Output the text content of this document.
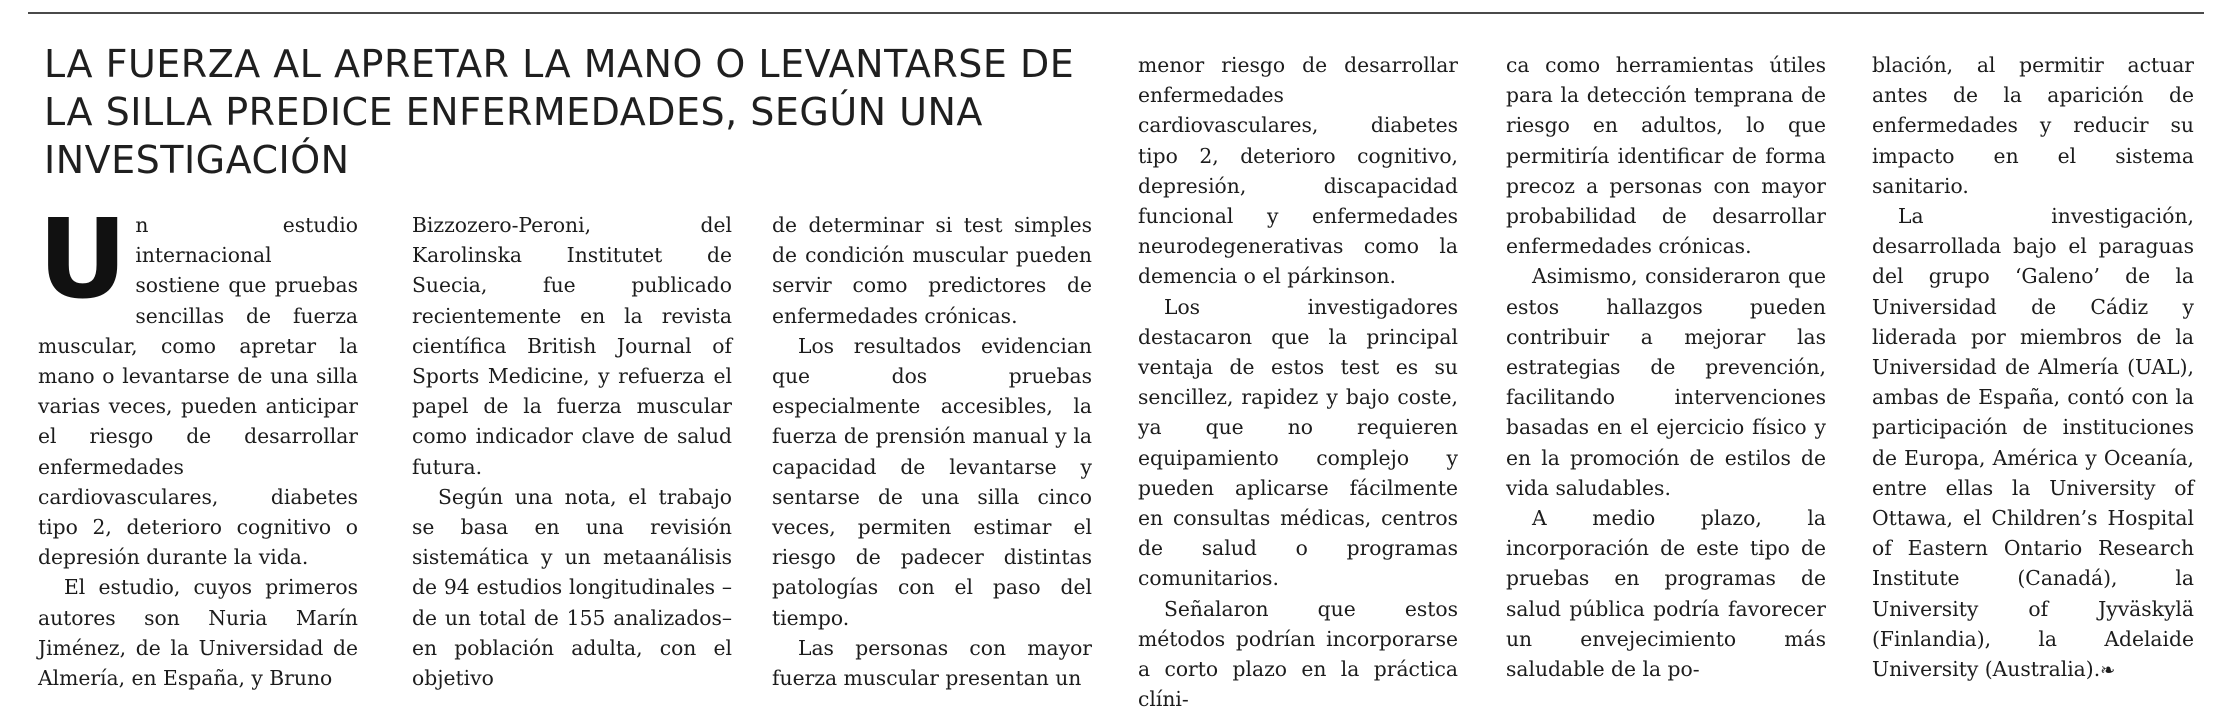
LA FUERZA AL APRETAR LA MANO O LEVANTARSE DE LA SILLA PREDICE ENFERMEDADES, SEGÚN UNA INVESTIGACIÓN

Un estudio internacional sostiene que pruebas sencillas de fuerza muscular, como apretar la mano o levantarse de una silla varias veces, pueden anticipar el riesgo de desarrollar enfermedades cardiovasculares, diabetes tipo 2, deterioro cognitivo o depresión durante la vida.

El estudio, cuyos primeros autores son Nuria Marín Jiménez, de la Universidad de Almería, en España, y Bruno

Bizzozero-Peroni, del Karolinska Institutet de Suecia, fue publicado recientemente en la revista científica British Journal of Sports Medicine, y refuerza el papel de la fuerza muscular como indicador clave de salud futura.

Según una nota, el trabajo se basa en una revisión sistemática y un metaanálisis de 94 estudios longitudinales –de un total de 155 analizados– en población adulta, con el objetivo

de determinar si test simples de condición muscular pueden servir como predictores de enfermedades crónicas.

Los resultados evidencian que dos pruebas especialmente accesibles, la fuerza de prensión manual y la capacidad de levantarse y sentarse de una silla cinco veces, permiten estimar el riesgo de padecer distintas patologías con el paso del tiempo.

Las personas con mayor fuerza muscular presentan un

menor riesgo de desarrollar enfermedades cardiovasculares, diabetes tipo 2, deterioro cognitivo, depresión, discapacidad funcional y enfermedades neurodegenerativas como la demencia o el párkinson.

Los investigadores destacaron que la principal ventaja de estos test es su sencillez, rapidez y bajo coste, ya que no requieren equipamiento complejo y pueden aplicarse fácilmente en consultas médicas, centros de salud o programas comunitarios.

Señalaron que estos métodos podrían incorporarse a corto plazo en la práctica clíni-

ca como herramientas útiles para la detección temprana de riesgo en adultos, lo que permitiría identificar de forma precoz a personas con mayor probabilidad de desarrollar enfermedades crónicas.

Asimismo, consideraron que estos hallazgos pueden contribuir a mejorar las estrategias de prevención, facilitando intervenciones basadas en el ejercicio físico y en la promoción de estilos de vida saludables.

A medio plazo, la incorporación de este tipo de pruebas en programas de salud pública podría favorecer un envejecimiento más saludable de la po-

blación, al permitir actuar antes de la aparición de enfermedades y reducir su impacto en el sistema sanitario.

La investigación, desarrollada bajo el paraguas del grupo ‘Galeno’ de la Universidad de Cádiz y liderada por miembros de la Universidad de Almería (UAL), ambas de España, contó con la participación de instituciones de Europa, América y Oceanía, entre ellas la University of Ottawa, el Children’s Hospital of Eastern Ontario Research Institute (Canadá), la University of Jyväskylä (Finlandia), la Adelaide University (Australia).❧
